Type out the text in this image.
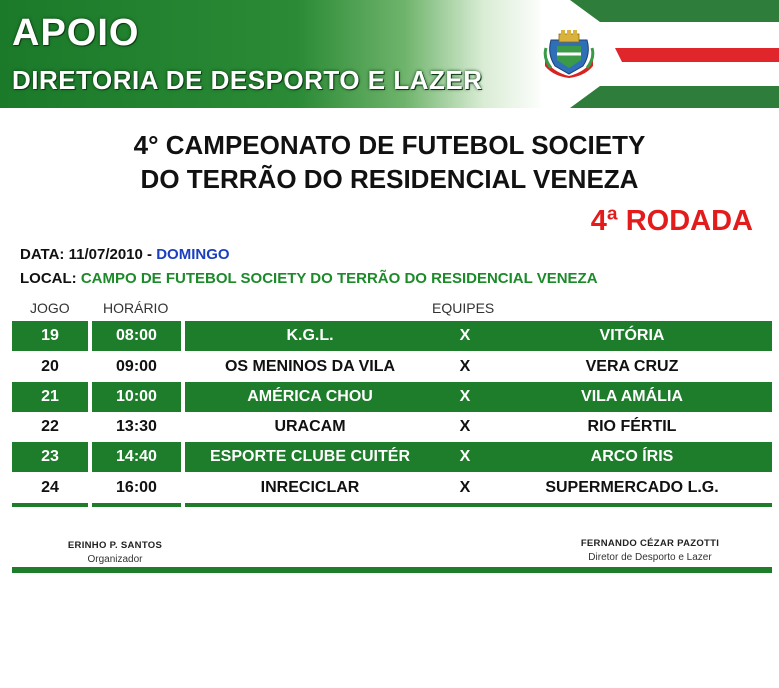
APOIO
DIRETORIA DE DESPORTO E LAZER
4° CAMPEONATO DE FUTEBOL SOCIETY
DO TERRÃO DO RESIDENCIAL VENEZA
4ª RODADA
DATA: 11/07/2010 - DOMINGO
LOCAL: CAMPO DE FUTEBOL SOCIETY DO TERRÃO DO RESIDENCIAL VENEZA
JOGO HORÁRIO	EQUIPES
19	08:00	K.G.L.	X	VITÓRIA
20	09:00	OS MENINOS DA VILA	X	VERA CRUZ
21	10:00	AMÉRICA CHOU	X	VILA AMÁLIA
22	13:30	URACAM	X	RIO FÉRTIL
23	14:40	ESPORTE CLUBE CUITÉR	X	ARCO ÍRIS
24	16:00	INRECICLAR	X	SUPERMERCADO L.G.
ERINHO P. SANTOS
Organizador
FERNANDO CÉZAR PAZOTTI
Diretor de Desporto e Lazer
